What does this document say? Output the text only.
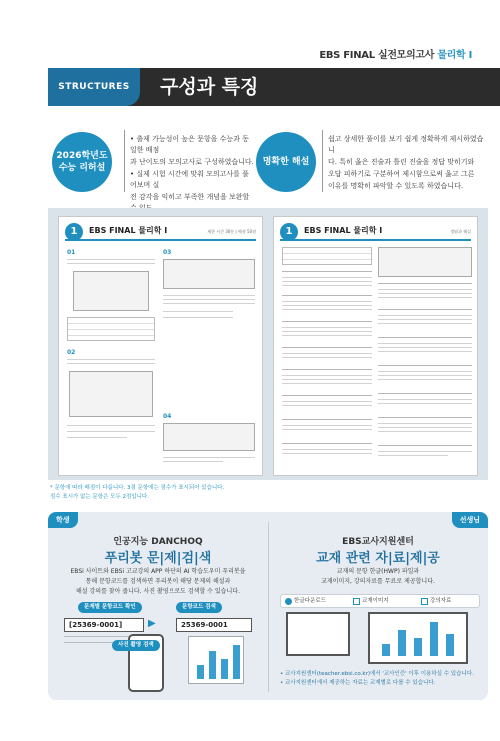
EBS FINAL 실전모의고사 물리학 Ⅰ
STRUCTURES	구성과 특징
2026학년도 수능 리허설

• 출제 가능성이 높은 문항을 수능과 동일한 배점

과 난이도의 모의고사로 구성하였습니다.

• 실제 시험 시간에 맞춰 모의고사를 풀어보며 실

전 감각을 익히고 부족한 개념을 보완할

명확한 해설

쉽고 상세한 풀이를 보기 쉽게 정확하게 제시하였습니

다. 특히 옳은 진술과 틀린 진술을 정답 맞히기와

오답 피하기로 구분하여 제시함으로써 옳고 그른

이유를 명확히 파악할 수 있도록 하였습니다.

1	EBS FINAL 물리학 Ⅰ	제한 시간 30분 | 배점 50점
01
02
03
04
1	EBS FINAL 물리학 Ⅰ	정답과 해설
* 문항에 따라 배점이 다릅니다. 3점 문항에는 점수가 표시되어 있습니다.
점수 표시가 없는 문항은 모두 2점입니다.
학생	선생님
인공지능 DANCHOQ
푸리봇 문|제|검|색
EBSi 사이트와 EBSi 고교강의 APP 하단의 AI 학습도우미 푸리봇을
통해 문항코드를 검색하면 푸리봇이 해당 문제의 해설과
해설 강의를 찾아 줍니다. 사진 촬영으로도 검색할 수 있습니다.
문제별 문항코드 확인	문항코드 검색
[25369-0001]	▶	25369-0001
사진 촬영 검색
EBS교사지원센터
교재 관련 자|료|제|공
교재의 문항 한글(HWP) 파일과
교재이미지, 강의자료를 무료로 제공합니다.
한글다운로드	교재이미지	강의자료
• 교사지원센터(teacher.ebsi.co.kr)에서 '교사인증' 이후 이용하실 수 있습니다.
• 교사지원센터에서 제공하는 자료는 교재별로 다를 수 있습니다.
